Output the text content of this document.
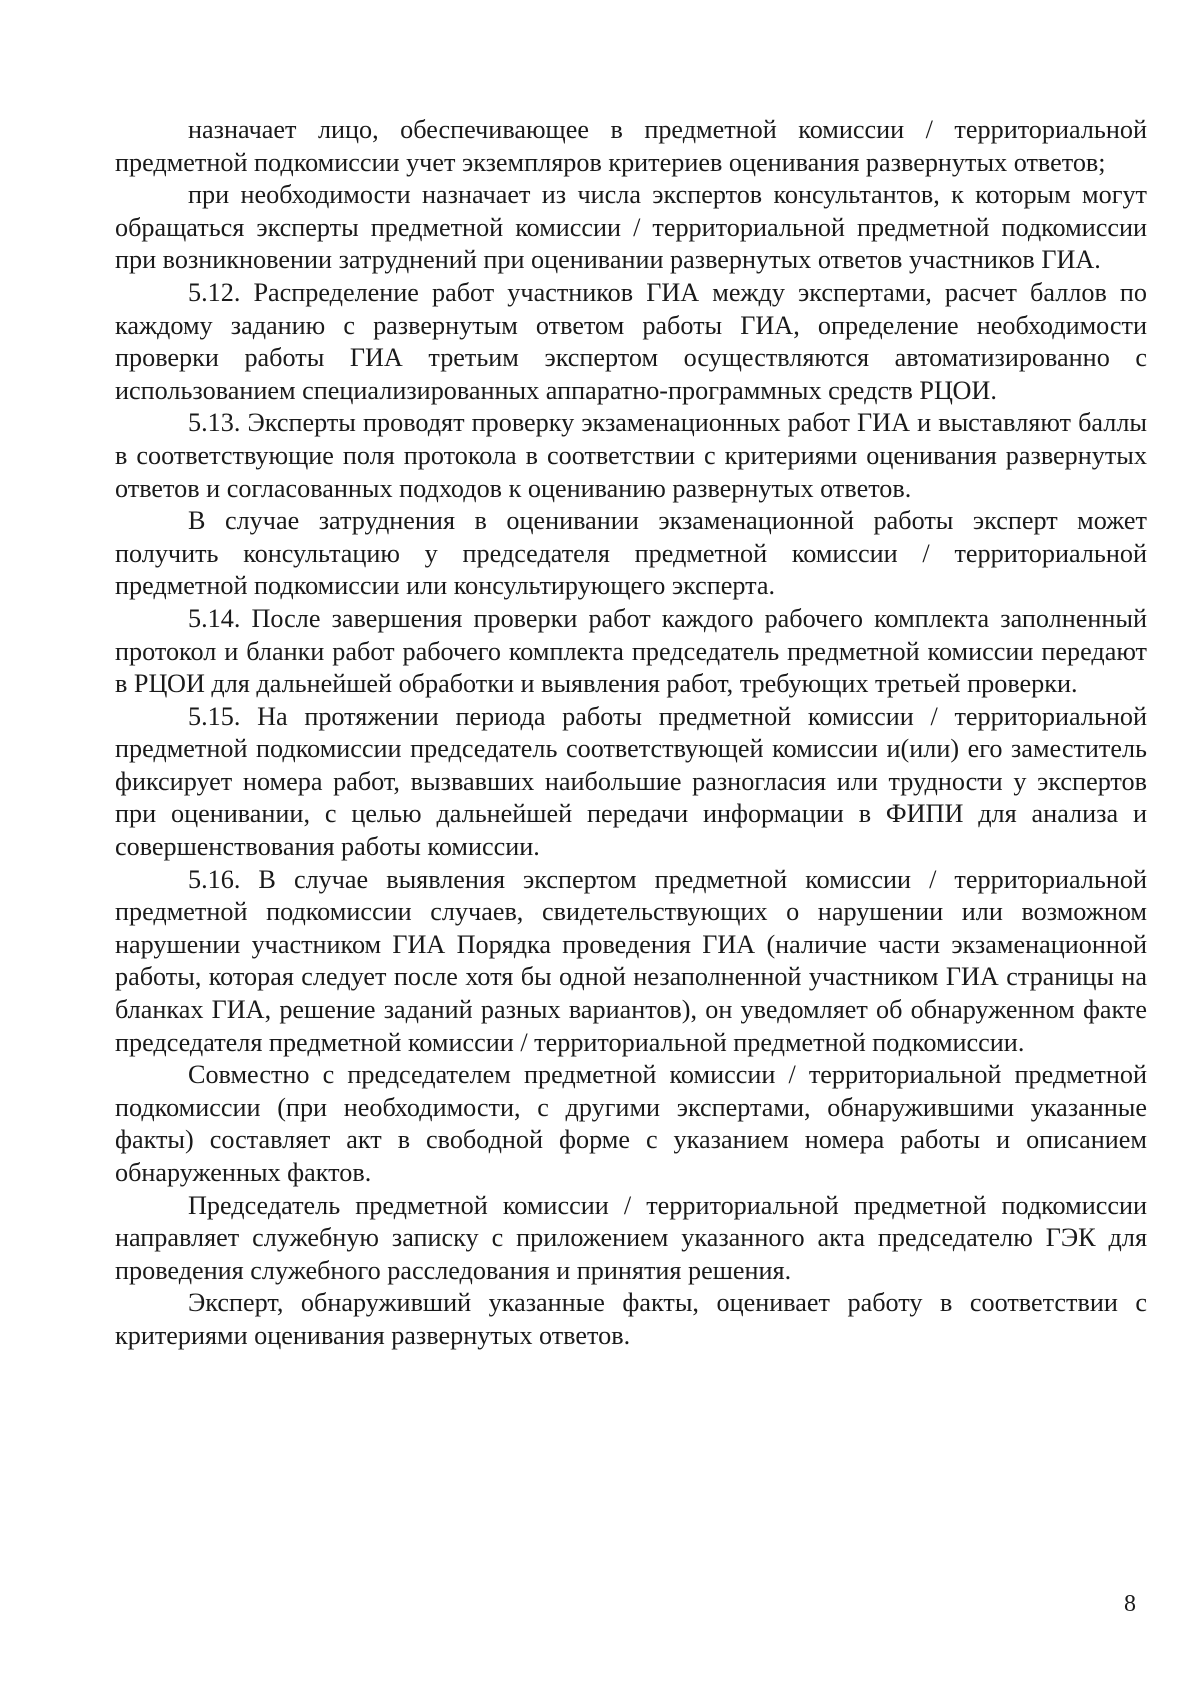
назначает лицо, обеспечивающее в предметной комиссии / территориальной предметной подкомиссии учет экземпляров критериев оценивания развернутых ответов;

при необходимости назначает из числа экспертов консультантов, к которым могут обращаться эксперты предметной комиссии / территориальной предметной подкомиссии при возникновении затруднений при оценивании развернутых ответов участников ГИА.

5.12. Распределение работ участников ГИА между экспертами, расчет баллов по каждому заданию с развернутым ответом работы ГИА, определение необходимости проверки работы ГИА третьим экспертом осуществляются автоматизированно с использованием специализированных аппаратно-программных средств РЦОИ.

5.13. Эксперты проводят проверку экзаменационных работ ГИА и выставляют баллы в соответствующие поля протокола в соответствии с критериями оценивания развернутых ответов и согласованных подходов к оцениванию развернутых ответов.

В случае затруднения в оценивании экзаменационной работы эксперт может получить консультацию у председателя предметной комиссии / территориальной предметной подкомиссии или консультирующего эксперта.

5.14. После завершения проверки работ каждого рабочего комплекта заполненный протокол и бланки работ рабочего комплекта председатель предметной комиссии передают в РЦОИ для дальнейшей обработки и выявления работ, требующих третьей проверки.

5.15. На протяжении периода работы предметной комиссии / территориальной предметной подкомиссии председатель соответствующей комиссии и(или) его заместитель фиксирует номера работ, вызвавших наибольшие разногласия или трудности у экспертов при оценивании, с целью дальнейшей передачи информации в ФИПИ для анализа и совершенствования работы комиссии.

5.16. В случае выявления экспертом предметной комиссии / территориальной предметной подкомиссии случаев, свидетельствующих о нарушении или возможном нарушении участником ГИА Порядка проведения ГИА (наличие части экзаменационной работы, которая следует после хотя бы одной незаполненной участником ГИА страницы на бланках ГИА, решение заданий разных вариантов), он уведомляет об обнаруженном факте председателя предметной комиссии / территориальной предметной подкомиссии.

Совместно с председателем предметной комиссии / территориальной предметной подкомиссии (при необходимости, с другими экспертами, обнаружившими указанные факты) составляет акт в свободной форме с указанием номера работы и описанием обнаруженных фактов.

Председатель предметной комиссии / территориальной предметной подкомиссии направляет служебную записку с приложением указанного акта председателю ГЭК для проведения служебного расследования и принятия решения.

Эксперт, обнаруживший указанные факты, оценивает работу в соответствии с критериями оценивания развернутых ответов.

8
